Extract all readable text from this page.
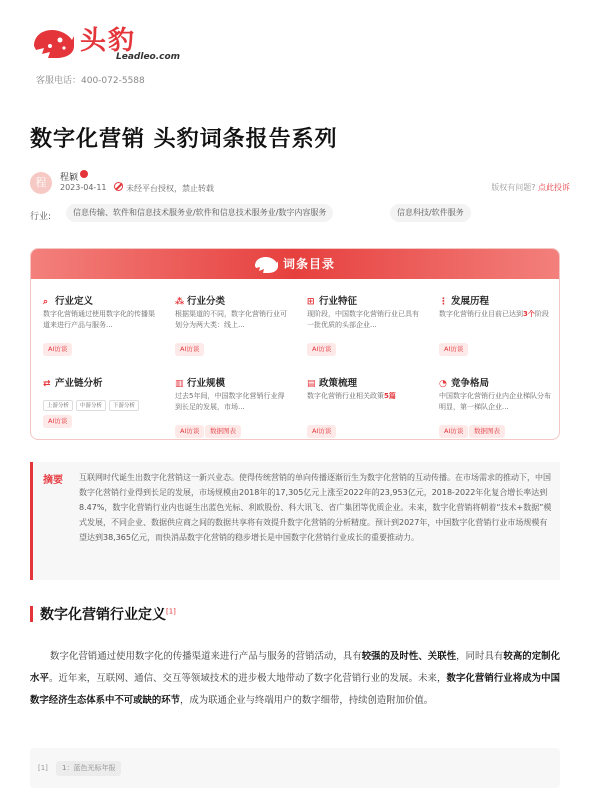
头豹
Leadleo.com
客服电话：400-072-5588
数字化营销 头豹词条报告系列
程	程颖
2023-04-11 未经平台授权，禁止转载	版权有问题? 点此投诉
行业:	信息传输、软件和信息技术服务业/软件和信息技术服务业/数字内容服务	信息科技/软件服务
词条目录
⌕ 行业定义
数字化营销通过使用数字化的传播渠道来进行产品与服务...
AI访谈
⁂ 行业分类
根据渠道的不同，数字化营销行业可划分为两大类：线上...
AI访谈
⊞ 行业特征
现阶段，中国数字化营销行业已具有一批优质的头部企业...
AI访谈
⋮ 发展历程
数字化营销行业目前已达到3个阶段
AI访谈
⇄ 产业链分析
上游分析 中游分析 下游分析
AI访谈
▥ 行业规模
过去5年间，中国数字化营销行业得到长足的发展，市场...
AI访谈	数据图表
▤ 政策梳理
数字化营销行业相关政策5篇
AI访谈
◔ 竞争格局
中国数字化营销行业内企业梯队分布明显，第一梯队企业...
AI访谈	数据图表
摘要 互联网时代诞生出数字化营销这一新兴业态。使得传统营销的单向传播逐渐衍生为数字化营销的互动传播。在市场需求的推动下，中国数字化营销行业得到长足的发展，市场规模由2018年的17,305亿元上涨至2022年的23,953亿元，2018-2022年化复合增长率达到8.47%，数字化营销行业内也诞生出蓝色光标、利欧股份、科大讯飞、省广集团等优质企业。未来，数字化营销将朝着“技术+数据”模式发展，不同企业、数据供应商之间的数据共享将有效提升数字化营销的分析精度。预计到2027年，中国数字化营销行业市场规模有望达到38,365亿元，而快消品数字化营销的稳步增长是中国数字化营销行业成长的重要推动力。
数字化营销行业定义[1]

数字化营销通过使用数字化的传播渠道来进行产品与服务的营销活动，具有较强的及时性、关联性，同时具有较高的定制化水平。近年来，互联网、通信、交互等领域技术的进步极大地带动了数字化营销行业的发展。未来，数字化营销行业将成为中国数字经济生态体系中不可或缺的环节，成为联通企业与终端用户的数字细带，持续创造附加价值。

[1]	1：蓝色光标年报
